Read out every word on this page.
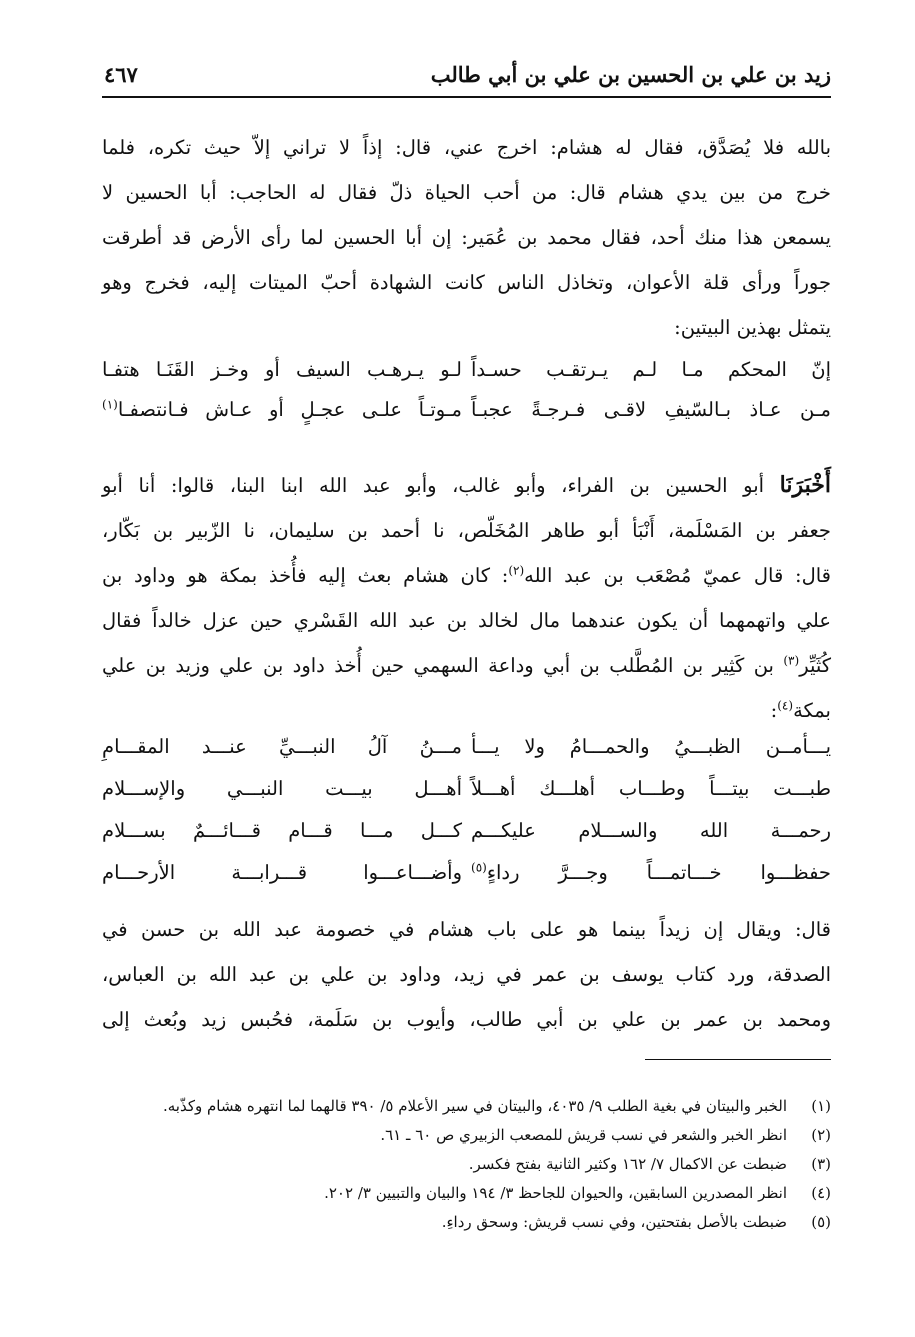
زيد بن علي بن الحسين بن علي بن أبي طالب
٤٦٧
بالله فلا يُصَدَّق، فقال له هشام: اخرج عني، قال: إذاً لا تراني إلاّ حيث تكره، فلما
خرج من بين يدي هشام قال: من أحب الحياة ذلّ فقال له الحاجب: أبا الحسين لا
يسمعن هذا منك أحد، فقال محمد بن عُمَير: إن أبا الحسين لما رأى الأرض قد أطرقت
جوراً ورأى قلة الأعوان، وتخاذل الناس كانت الشهادة أحبّ الميتات إليه، فخرج وهو
يتمثل بهذين البيتين:
إنّ المحكم مـا لـم يـرتقـب حسـداً
لـو يـرهـب السيف أو وخـز القَنَـا هتفـا
مـن عـاذ بـالسّيفِ لاقـى فـرجـةً عجبـاً
مـوتـاً علـى عجـلٍ أو عـاش فـانتصفـا$^{(١)}$
أَخْبَرَنَا أبو الحسين بن الفراء، وأبو غالب، وأبو عبد الله ابنا البنا، قالوا: أنا أبو
جعفر بن المَسْلَمة، أَنْبَأ أبو طاهر المُخَلّص، نا أحمد بن سليمان، نا الزّبير بن بَكّار،
قال: قال عميّ مُصْعَب بن عبد الله$^{(٢)}$: كان هشام بعث إليه فأُخذ بمكة هو وداود بن
علي واتهمهما أن يكون عندهما مال لخالد بن عبد الله القَسْري حين عزل خالداً فقال
كُثَيِّر$^{(٣)}$ بن كَثِير بن المُطَّلب بن أبي وداعة السهمي حين أُخذ داود بن علي وزيد بن علي
بمكة$^{(٤)}$:
يـــأمــن الظبـــيُ والحمـــامُ ولا يـــأ
مـــنُ آلُ النبـــيِّ عنـــد المقـــامِ
طبـــت بيتـــاً وطـــاب أهلـــك أهـــلاً
أهـــل بيـــت النبـــي والإســـلام
رحمـــة الله والســـلام عليكـــم
كـــل مـــا قـــام قـــائـــمٌ بســـلام
حفظـــوا خـــاتمـــاً وجـــرَّ رداءٍ$^{(٥)}$
وأضـــاعـــوا قـــرابـــة الأرحـــام
قال: ويقال إن زيداً بينما هو على باب هشام في خصومة عبد الله بن حسن في
الصدقة، ورد كتاب يوسف بن عمر في زيد، وداود بن علي بن عبد الله بن العباس،
ومحمد بن عمر بن علي بن أبي طالب، وأيوب بن سَلَمة، فحُبس زيد وبُعث إلى
(١)
الخبر والبيتان في بغية الطلب ٩/ ٤٠٣٥، والبيتان في سير الأعلام ٥/ ٣٩٠ قالهما لما انتهره هشام وكذّبه.
(٢)
انظر الخبر والشعر في نسب قريش للمصعب الزبيري ص ٦٠ ـ ٦١.
(٣)
ضبطت عن الاكمال ٧/ ١٦٢ وكثير الثانية بفتح فكسر.
(٤)
انظر المصدرين السابقين، والحيوان للجاحظ ٣/ ١٩٤ والبيان والتبيين ٣/ ٢٠٢.
(٥)
ضبطت بالأصل بفتحتين، وفي نسب قريش: وسحق رداءِ.
